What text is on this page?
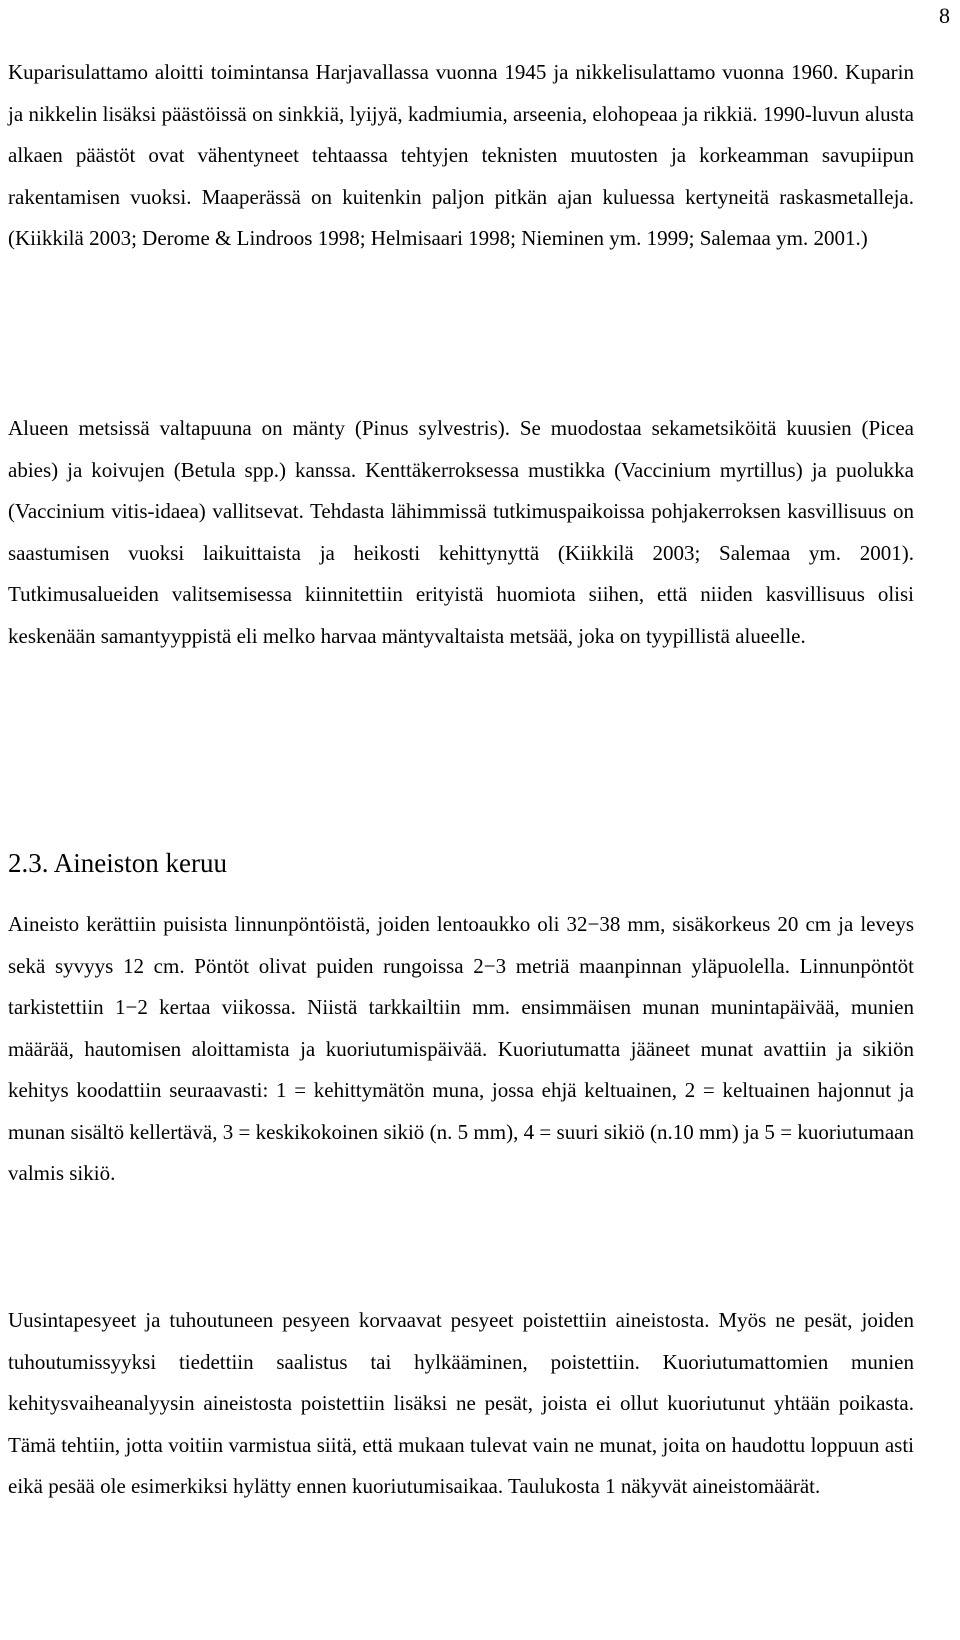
8

Kuparisulattamo aloitti toimintansa Harjavallassa vuonna 1945 ja nikkelisulattamo vuonna 1960. Kuparin ja nikkelin lisäksi päästöissä on sinkkiä, lyijyä, kadmiumia, arseenia, elohopeaa ja rikkiä. 1990-luvun alusta alkaen päästöt ovat vähentyneet tehtaassa tehtyjen teknisten muutosten ja korkeamman savupiipun rakentamisen vuoksi. Maaperässä on kuitenkin paljon pitkän ajan kuluessa kertyneitä raskasmetalleja. (Kiikkilä 2003; Derome & Lindroos 1998; Helmisaari 1998; Nieminen ym. 1999; Salemaa ym. 2001.)

Alueen metsissä valtapuuna on mänty (Pinus sylvestris). Se muodostaa sekametsiköitä kuusien (Picea abies) ja koivujen (Betula spp.) kanssa. Kenttäkerroksessa mustikka (Vaccinium myrtillus) ja puolukka (Vaccinium vitis-idaea) vallitsevat. Tehdasta lähimmissä tutkimuspaikoissa pohjakerroksen kasvillisuus on saastumisen vuoksi laikuittaista ja heikosti kehittynyttä (Kiikkilä 2003; Salemaa ym. 2001). Tutkimusalueiden valitsemisessa kiinnitettiin erityistä huomiota siihen, että niiden kasvillisuus olisi keskenään samantyyppistä eli melko harvaa mäntyvaltaista metsää, joka on tyypillistä alueelle.

2.3. Aineiston keruu

Aineisto kerättiin puisista linnunpöntöistä, joiden lentoaukko oli 32−38 mm, sisäkorkeus 20 cm ja leveys sekä syvyys 12 cm. Pöntöt olivat puiden rungoissa 2−3 metriä maanpinnan yläpuolella. Linnunpöntöt tarkistettiin 1−2 kertaa viikossa. Niistä tarkkailtiin mm. ensimmäisen munan munintapäivää, munien määrää, hautomisen aloittamista ja kuoriutumispäivää. Kuoriutumatta jääneet munat avattiin ja sikiön kehitys koodattiin seuraavasti: 1 = kehittymätön muna, jossa ehjä keltuainen, 2 = keltuainen hajonnut ja munan sisältö kellertävä, 3 = keskikokoinen sikiö (n. 5 mm), 4 = suuri sikiö (n.10 mm) ja 5 = kuoriutumaan valmis sikiö.

Uusintapesyeet ja tuhoutuneen pesyeen korvaavat pesyeet poistettiin aineistosta. Myös ne pesät, joiden tuhoutumissyyksi tiedettiin saalistus tai hylkääminen, poistettiin. Kuoriutumattomien munien kehitysvaiheanalyysin aineistosta poistettiin lisäksi ne pesät, joista ei ollut kuoriutunut yhtään poikasta. Tämä tehtiin, jotta voitiin varmistua siitä, että mukaan tulevat vain ne munat, joita on haudottu loppuun asti eikä pesää ole esimerkiksi hylätty ennen kuoriutumisaikaa. Taulukosta 1 näkyvät aineistomäärät.
